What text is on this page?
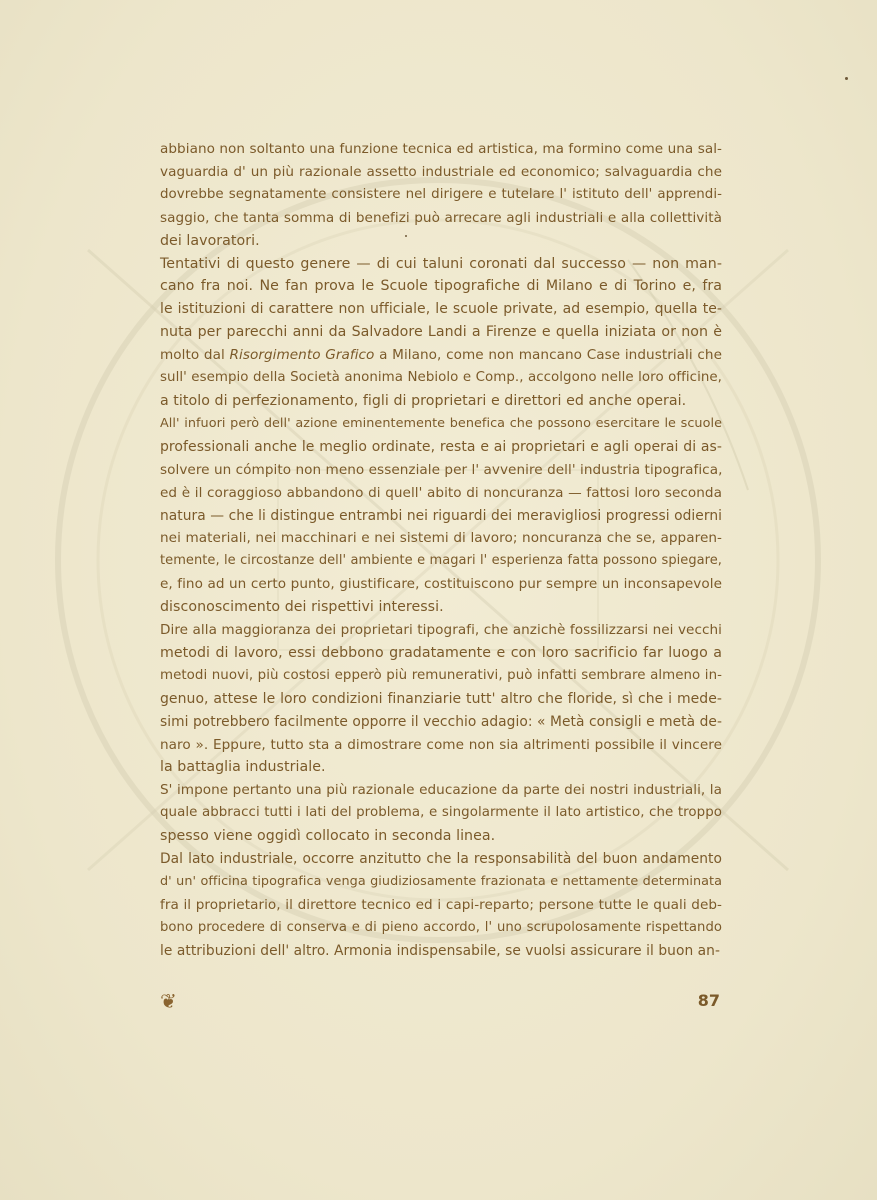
abbiano non soltanto una funzione tecnica ed artistica, ma formino come una sal-
vaguardia d' un più razionale assetto industriale ed economico; salvaguardia che
dovrebbe segnatamente consistere nel dirigere e tutelare l' istituto dell' apprendi-
saggio, che tanta somma di benefizi può arrecare agli industriali e alla collettività
dei lavoratori.

Tentativi di questo genere — di cui taluni coronati dal successo — non man-
cano fra noi. Ne fan prova le Scuole tipografiche di Milano e di Torino e, fra
le istituzioni di carattere non ufficiale, le scuole private, ad esempio, quella te-
nuta per parecchi anni da Salvadore Landi a Firenze e quella iniziata or non è
molto dal Risorgimento Grafico a Milano, come non mancano Case industriali che
sull' esempio della Società anonima Nebiolo e Comp., accolgono nelle loro officine,
a titolo di perfezionamento, figli di proprietari e direttori ed anche operai.

All' infuori però dell' azione eminentemente benefica che possono esercitare le scuole
professionali anche le meglio ordinate, resta e ai proprietari e agli operai di as-
solvere un cómpito non meno essenziale per l' avvenire dell' industria tipografica,
ed è il coraggioso abbandono di quell' abito di noncuranza — fattosi loro seconda
natura — che li distingue entrambi nei riguardi dei meravigliosi progressi odierni
nei materiali, nei macchinari e nei sistemi di lavoro; noncuranza che se, apparen-
temente, le circostanze dell' ambiente e magari l' esperienza fatta possono spiegare,
e, fino ad un certo punto, giustificare, costituiscono pur sempre un inconsapevole
disconoscimento dei rispettivi interessi.

Dire alla maggioranza dei proprietari tipografi, che anzichè fossilizzarsi nei vecchi
metodi di lavoro, essi debbono gradatamente e con loro sacrificio far luogo a
metodi nuovi, più costosi epperò più remunerativi, può infatti sembrare almeno in-
genuo, attese le loro condizioni finanziarie tutt' altro che floride, sì che i mede-
simi potrebbero facilmente opporre il vecchio adagio: « Metà consigli e metà de-
naro ». Eppure, tutto sta a dimostrare come non sia altrimenti possibile il vincere
la battaglia industriale.

S' impone pertanto una più razionale educazione da parte dei nostri industriali, la
quale abbracci tutti i lati del problema, e singolarmente il lato artistico, che troppo
spesso viene oggidì collocato in seconda linea.

Dal lato industriale, occorre anzitutto che la responsabilità del buon andamento
d' un' officina tipografica venga giudiziosamente frazionata e nettamente determinata
fra il proprietario, il direttore tecnico ed i capi-reparto; persone tutte le quali deb-
bono procedere di conserva e di pieno accordo, l' uno scrupolosamente rispettando
le attribuzioni dell' altro. Armonia indispensabile, se vuolsi assicurare il buon an-

❦	87
